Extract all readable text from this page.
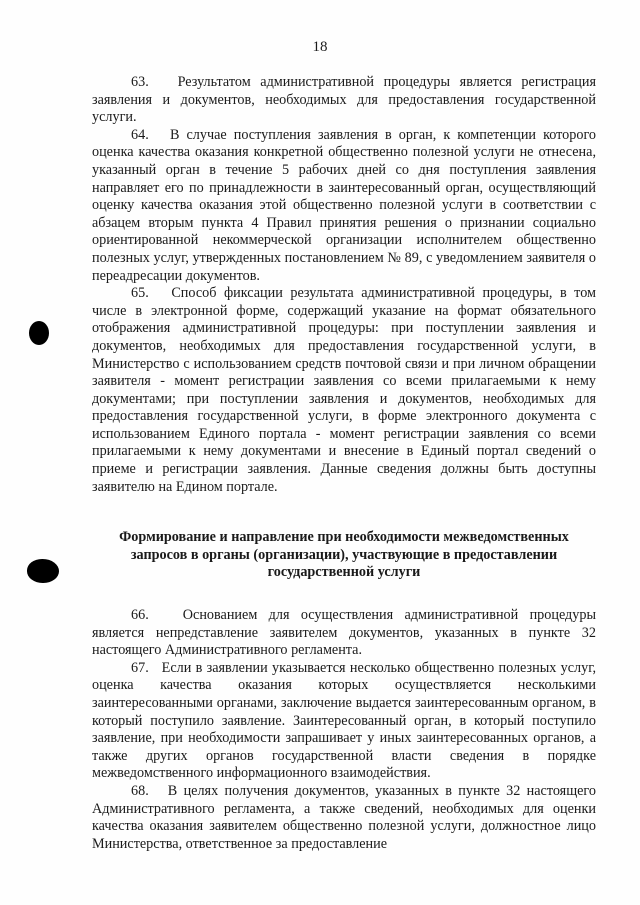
18

63. Результатом административной процедуры является регистрация заявления и документов, необходимых для предоставления государственной услуги.

64. В случае поступления заявления в орган, к компетенции которого оценка качества оказания конкретной общественно полезной услуги не отнесена, указанный орган в течение 5 рабочих дней со дня поступления заявления направляет его по принадлежности в заинтересованный орган, осуществляющий оценку качества оказания этой общественно полезной услуги в соответствии с абзацем вторым пункта 4 Правил принятия решения о признании социально ориентированной некоммерческой организации исполнителем общественно полезных услуг, утвержденных постановлением № 89, с уведомлением заявителя о переадресации документов.

65. Способ фиксации результата административной процедуры, в том числе в электронной форме, содержащий указание на формат обязательного отображения административной процедуры: при поступлении заявления и документов, необходимых для предоставления государственной услуги, в Министерство с использованием средств почтовой связи и при личном обращении заявителя - момент регистрации заявления со всеми прилагаемыми к нему документами; при поступлении заявления и документов, необходимых для предоставления государственной услуги, в форме электронного документа с использованием Единого портала - момент регистрации заявления со всеми прилагаемыми к нему документами и внесение в Единый портал сведений о приеме и регистрации заявления. Данные сведения должны быть доступны заявителю на Едином портале.

Формирование и направление при необходимости межведомственных запросов в органы (организации), участвующие в предоставлении государственной услуги

66. Основанием для осуществления административной процедуры является непредставление заявителем документов, указанных в пункте 32 настоящего Административного регламента.

67. Если в заявлении указывается несколько общественно полезных услуг, оценка качества оказания которых осуществляется несколькими заинтересованными органами, заключение выдается заинтересованным органом, в который поступило заявление. Заинтересованный орган, в который поступило заявление, при необходимости запрашивает у иных заинтересованных органов, а также других органов государственной власти сведения в порядке межведомственного информационного взаимодействия.

68. В целях получения документов, указанных в пункте 32 настоящего Административного регламента, а также сведений, необходимых для оценки качества оказания заявителем общественно полезной услуги, должностное лицо Министерства, ответственное за предоставление
